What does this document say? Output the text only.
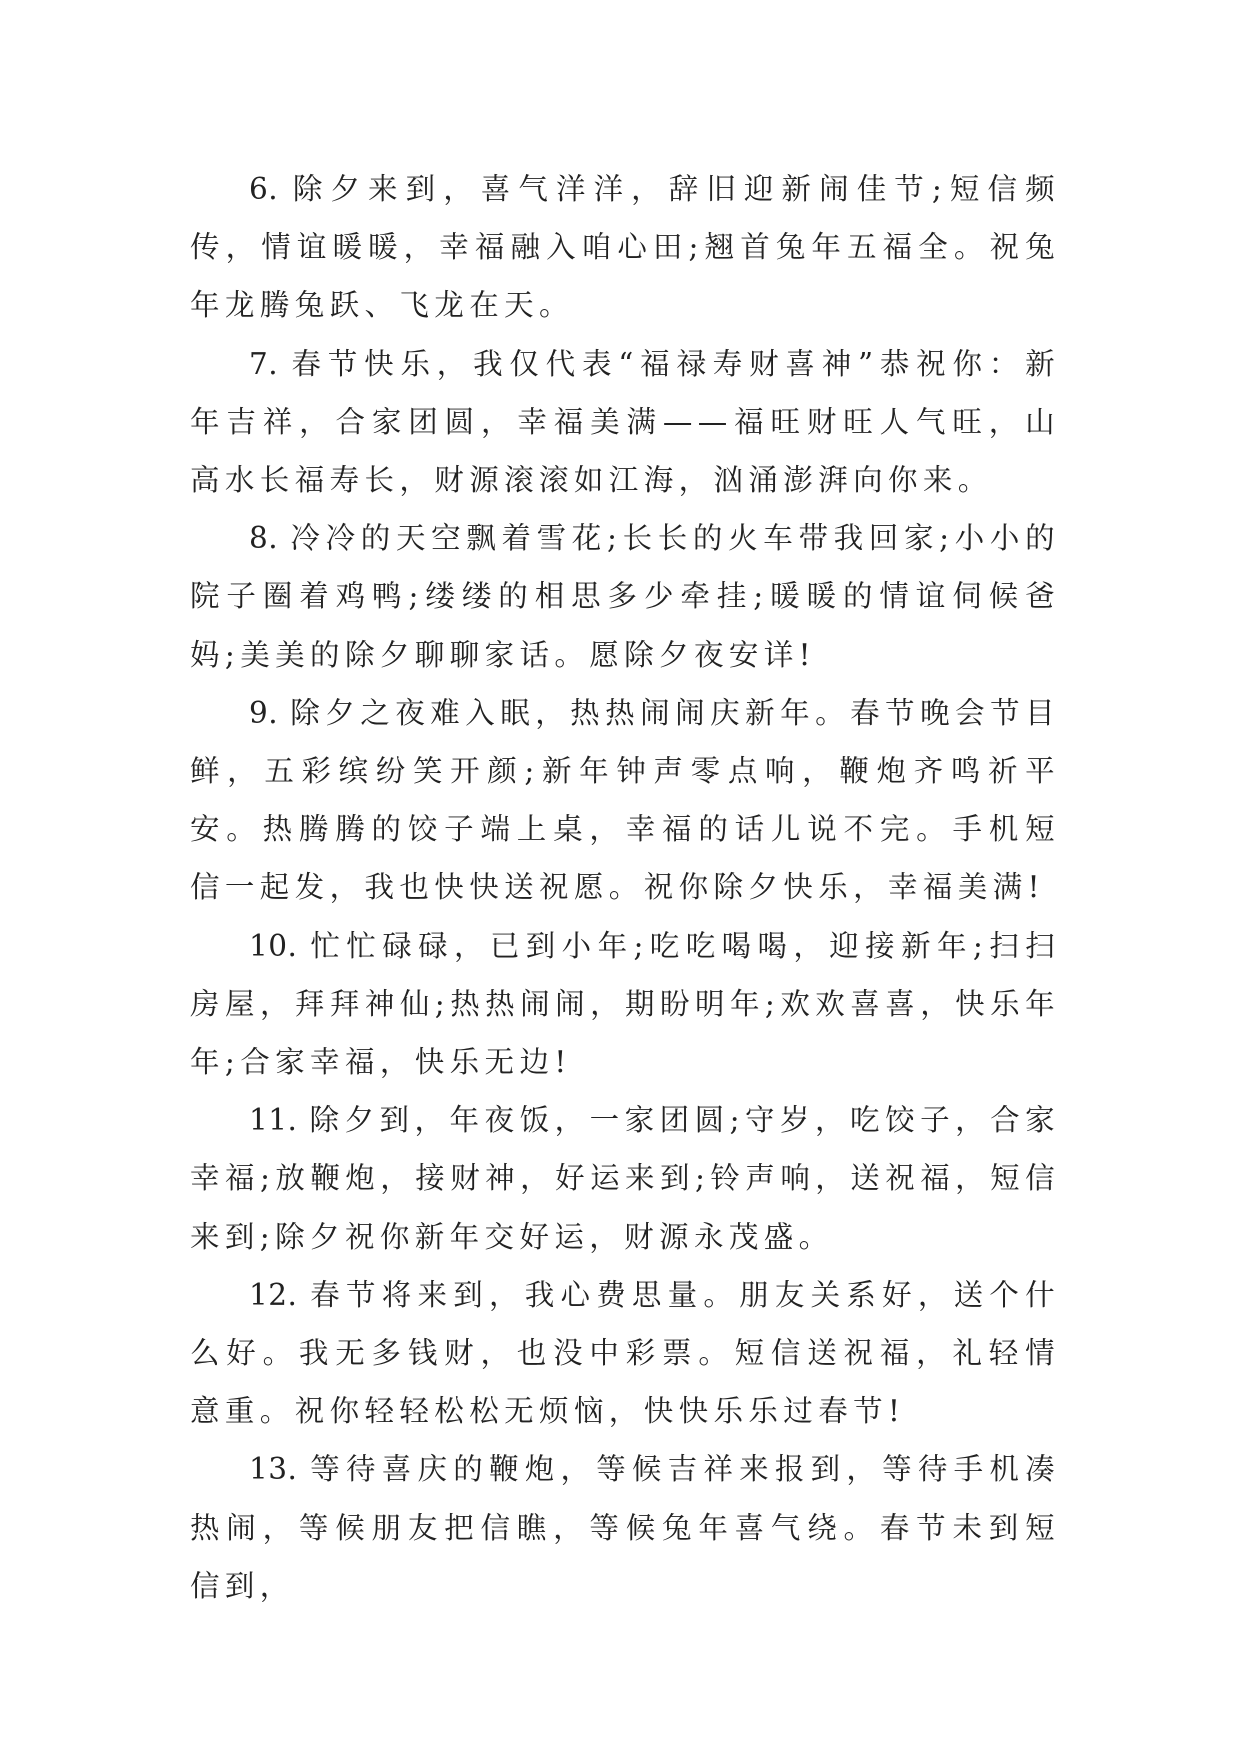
6. 除夕来到，喜气洋洋，辞旧迎新闹佳节;短信频传，情谊暖暖，幸福融入咱心田;翘首兔年五福全。祝兔年龙腾兔跃、飞龙在天。

7. 春节快乐，我仅代表“福禄寿财喜神”恭祝你：新年吉祥，合家团圆，幸福美满——福旺财旺人气旺，山高水长福寿长，财源滚滚如江海，汹涌澎湃向你来。

8. 冷冷的天空飘着雪花;长长的火车带我回家;小小的院子圈着鸡鸭;缕缕的相思多少牵挂;暖暖的情谊伺候爸妈;美美的除夕聊聊家话。愿除夕夜安详!

9. 除夕之夜难入眠，热热闹闹庆新年。春节晚会节目鲜，五彩缤纷笑开颜;新年钟声零点响，鞭炮齐鸣祈平安。热腾腾的饺子端上桌，幸福的话儿说不完。手机短信一起发，我也快快送祝愿。祝你除夕快乐，幸福美满!

10. 忙忙碌碌，已到小年;吃吃喝喝，迎接新年;扫扫房屋，拜拜神仙;热热闹闹，期盼明年;欢欢喜喜，快乐年年;合家幸福，快乐无边!

11. 除夕到，年夜饭，一家团圆;守岁，吃饺子，合家幸福;放鞭炮，接财神，好运来到;铃声响，送祝福，短信来到;除夕祝你新年交好运，财源永茂盛。

12. 春节将来到，我心费思量。朋友关系好，送个什么好。我无多钱财，也没中彩票。短信送祝福，礼轻情意重。祝你轻轻松松无烦恼，快快乐乐过春节!

13. 等待喜庆的鞭炮，等候吉祥来报到，等待手机凑热闹，等候朋友把信瞧，等候兔年喜气绕。春节未到短信到，
